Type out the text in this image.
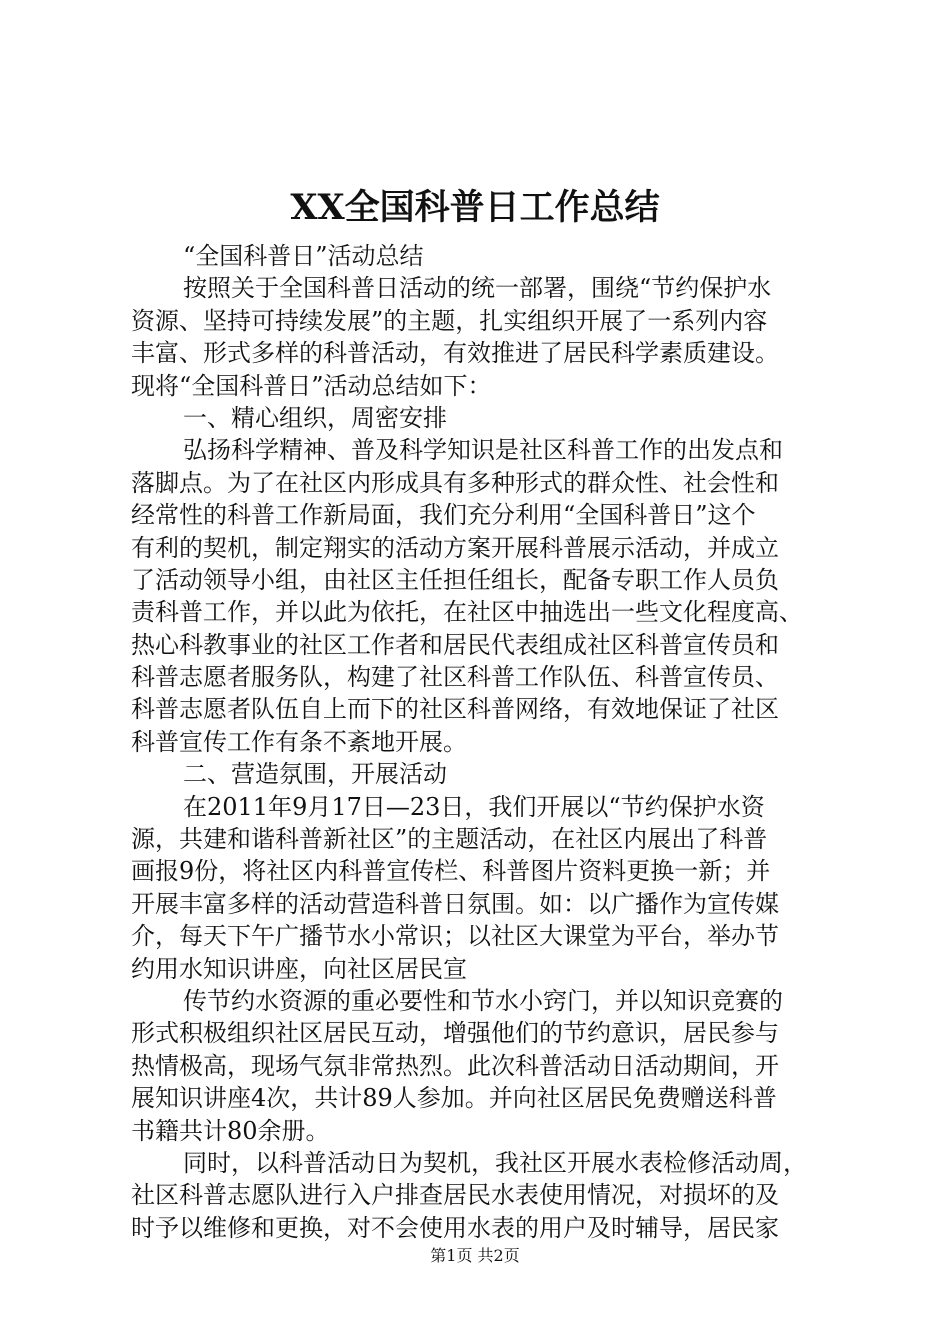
XX全国科普日工作总结
“全国科普日”活动总结
按照关于全国科普日活动的统一部署，围绕“节约保护水
资源、坚持可持续发展”的主题，扎实组织开展了一系列内容
丰富、形式多样的科普活动，有效推进了居民科学素质建设。
现将“全国科普日”活动总结如下：
一、精心组织，周密安排
弘扬科学精神、普及科学知识是社区科普工作的出发点和
落脚点。为了在社区内形成具有多种形式的群众性、社会性和
经常性的科普工作新局面，我们充分利用“全国科普日”这个
有利的契机，制定翔实的活动方案开展科普展示活动，并成立
了活动领导小组，由社区主任担任组长，配备专职工作人员负
责科普工作，并以此为依托，在社区中抽选出一些文化程度高、
热心科教事业的社区工作者和居民代表组成社区科普宣传员和
科普志愿者服务队，构建了社区科普工作队伍、科普宣传员、
科普志愿者队伍自上而下的社区科普网络，有效地保证了社区
科普宣传工作有条不紊地开展。
二、营造氛围，开展活动
在2011年9月17日—23日，我们开展以“节约保护水资
源，共建和谐科普新社区”的主题活动，在社区内展出了科普
画报9份，将社区内科普宣传栏、科普图片资料更换一新；并
开展丰富多样的活动营造科普日氛围。如：以广播作为宣传媒
介，每天下午广播节水小常识；以社区大课堂为平台，举办节
约用水知识讲座，向社区居民宣
传节约水资源的重必要性和节水小窍门，并以知识竞赛的
形式积极组织社区居民互动，增强他们的节约意识，居民参与
热情极高，现场气氛非常热烈。此次科普活动日活动期间，开
展知识讲座4次，共计89人参加。并向社区居民免费赠送科普
书籍共计80余册。
同时，以科普活动日为契机，我社区开展水表检修活动周，
社区科普志愿队进行入户排查居民水表使用情况，对损坏的及
时予以维修和更换，对不会使用水表的用户及时辅导，居民家
第1页 共2页
